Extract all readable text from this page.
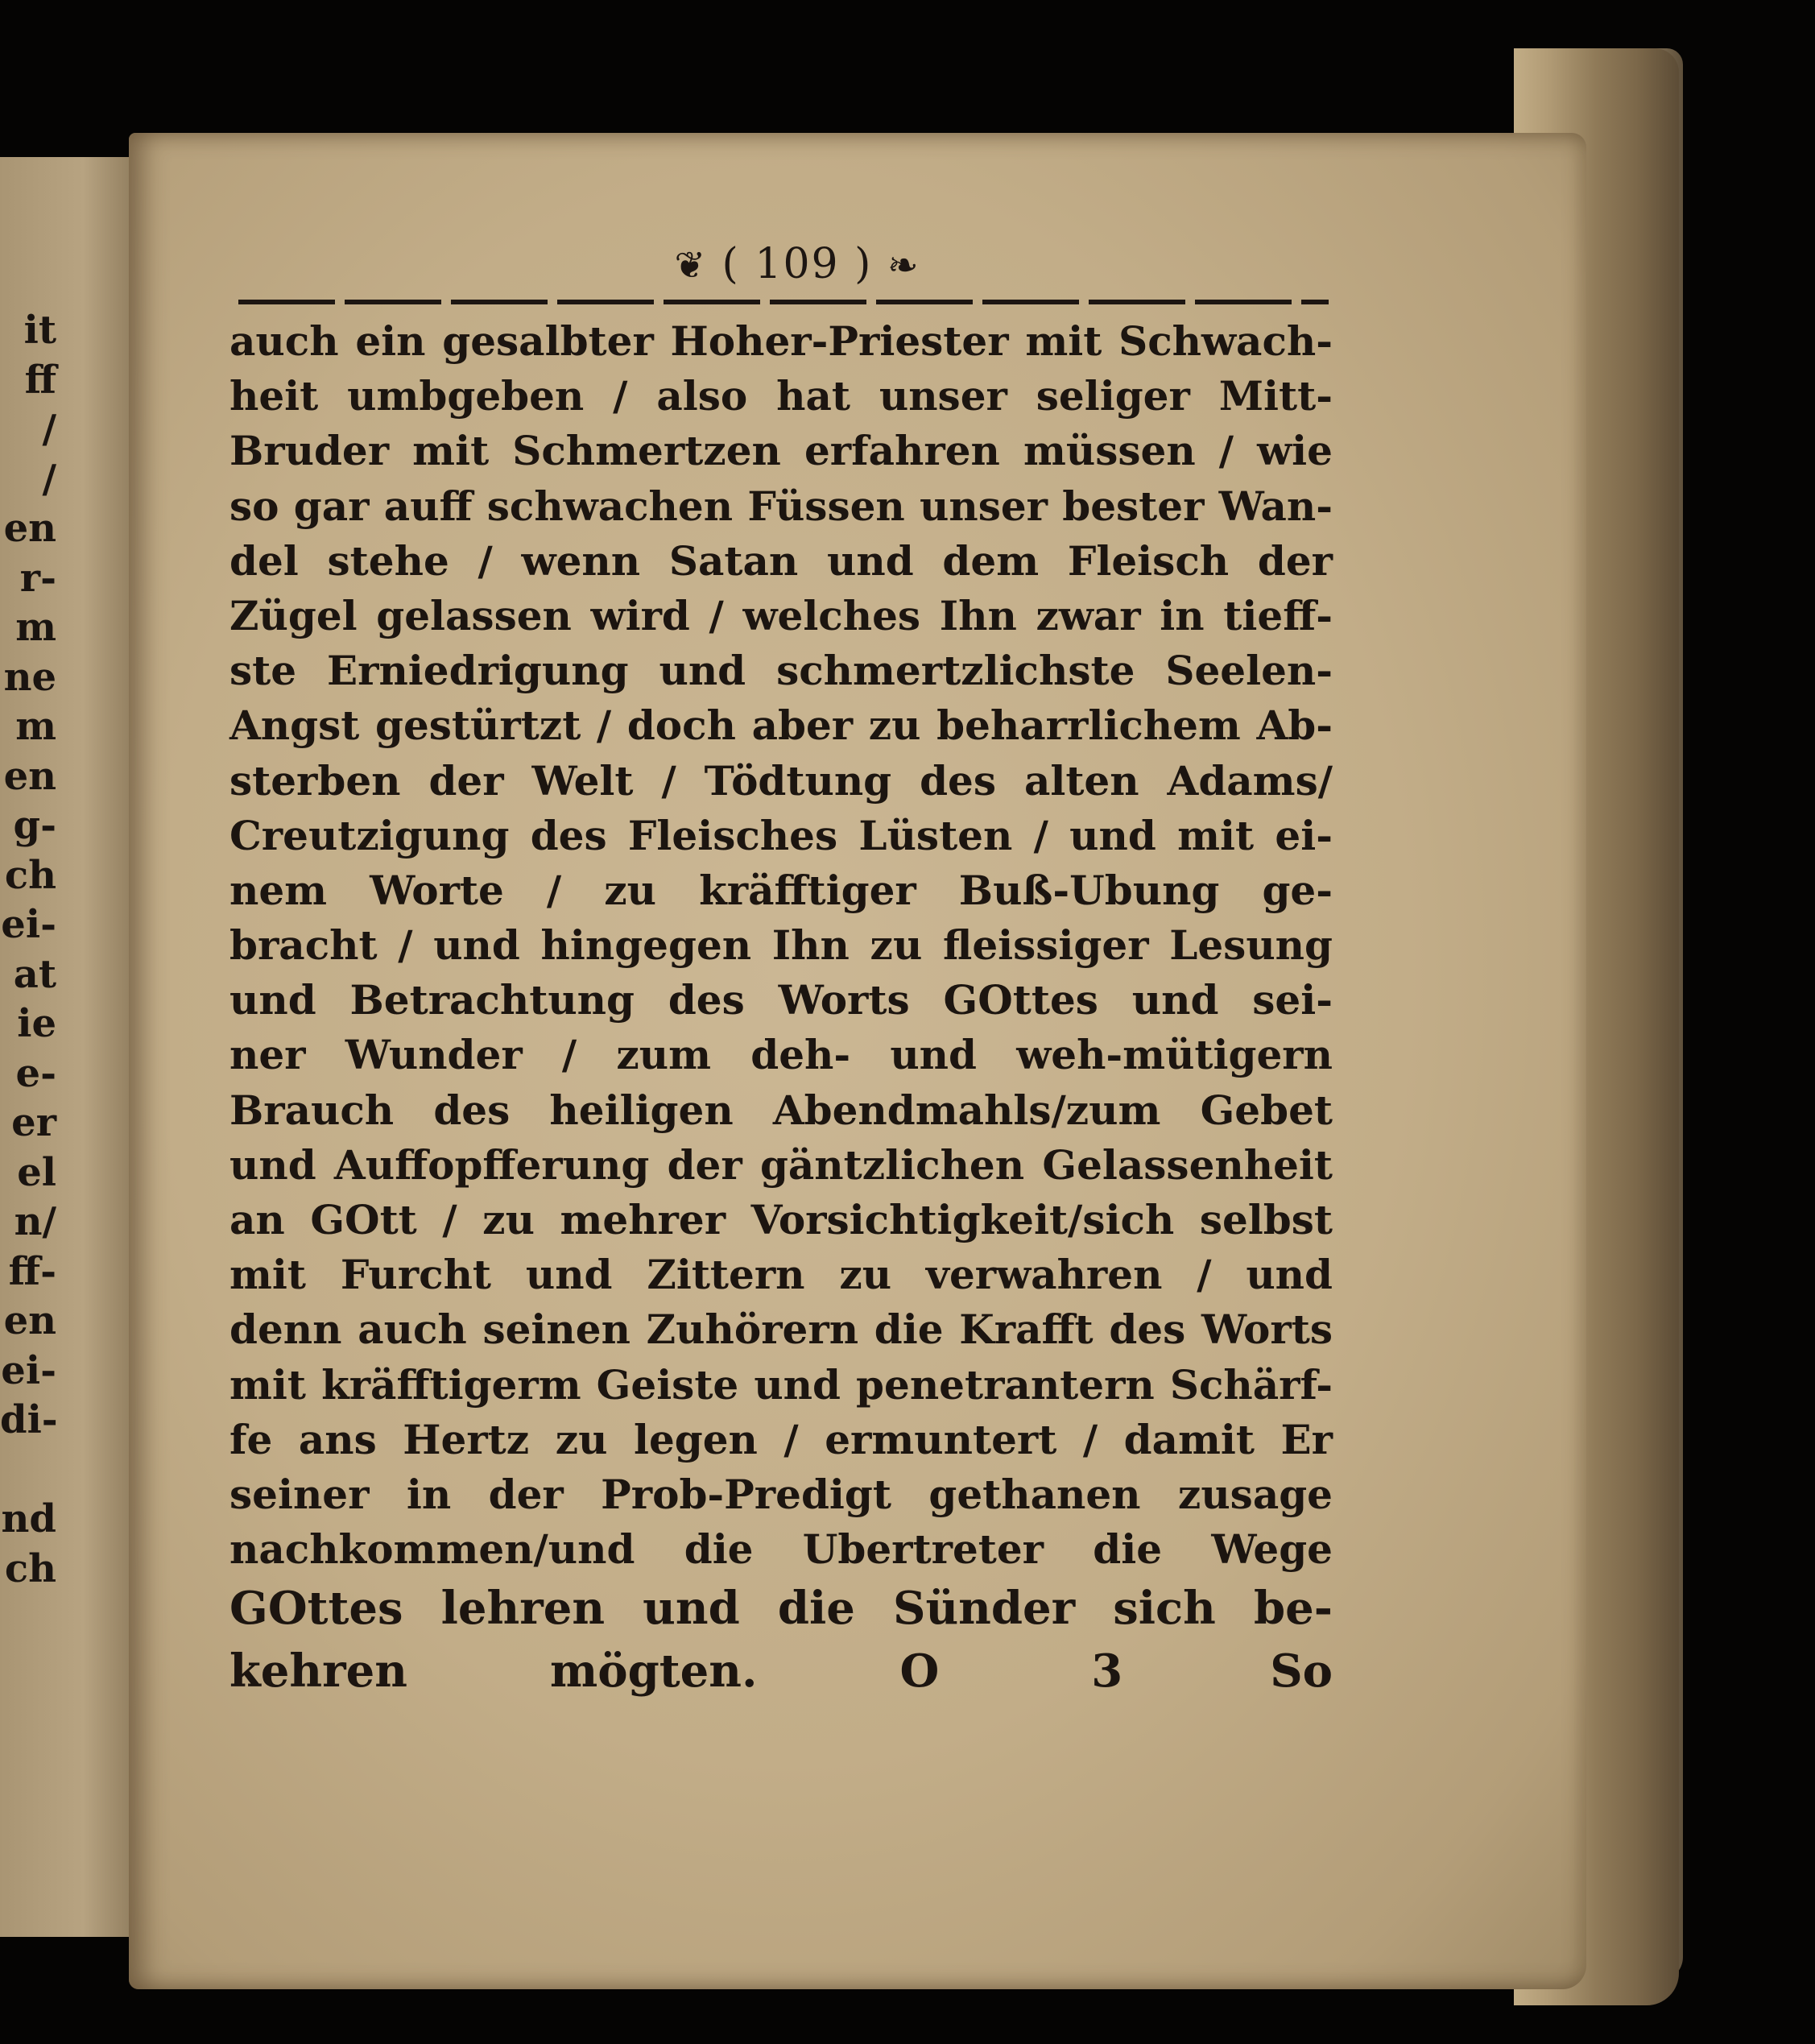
it
ff
/
/
en
r-
m
ne
m
en
g-
ch
ei-
at
ie
e-
er
el
n/
ff-
en
ei-
di-
nd
ch
❦ ( 109 ) ❧
auch ein gesalbter Hoher-Priester mit Schwach-
heit umbgeben / also hat unser seliger Mitt-
Bruder mit Schmertzen erfahren müssen / wie
so gar auff schwachen Füssen unser bester Wan-
del stehe / wenn Satan und dem Fleisch der
Zügel gelassen wird / welches Ihn zwar in tieff-
ste Erniedrigung und schmertzlichste Seelen-
Angst gestürtzt / doch aber zu beharrlichem Ab-
sterben der Welt / Tödtung des alten Adams/
Creutzigung des Fleisches Lüsten / und mit ei-
nem Worte / zu kräfftiger Buß-Ubung ge-
bracht / und hingegen Ihn zu fleissiger Lesung
und Betrachtung des Worts GOttes und sei-
ner Wunder / zum deh- und weh-mütigern
Brauch des heiligen Abendmahls/zum Gebet
und Auffopfferung der gäntzlichen Gelassenheit
an GOtt / zu mehrer Vorsichtigkeit/sich selbst
mit Furcht und Zittern zu verwahren / und
denn auch seinen Zuhörern die Krafft des Worts
mit kräfftigerm Geiste und penetrantern Schärf-
fe ans Hertz zu legen / ermuntert / damit Er
seiner in der Prob-Predigt gethanen zusage
nachkommen/und die Ubertreter die Wege
GOttes lehren und die Sünder sich be-
kehren mögten.	O 3	So
